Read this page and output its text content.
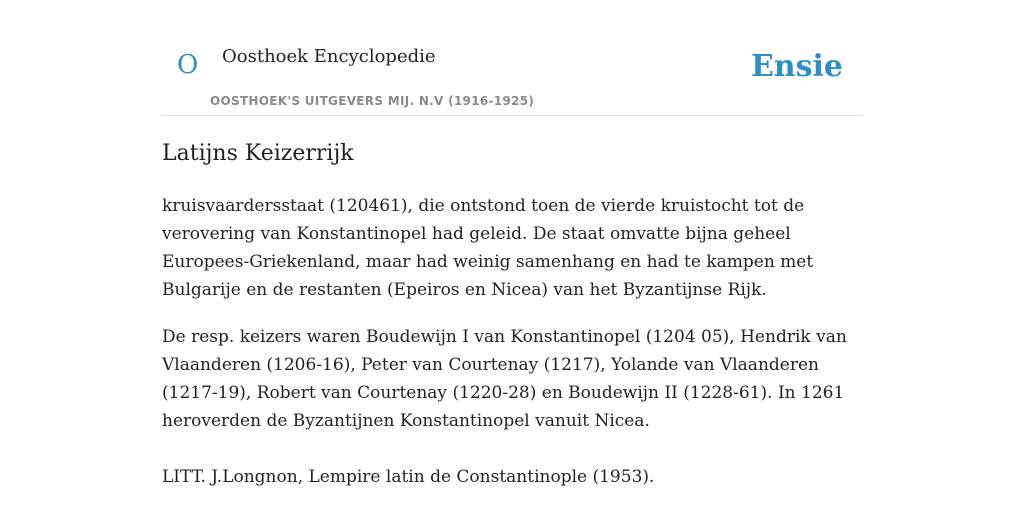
O Oosthoek Encyclopedie
OOSTHOEK'S UITGEVERS MIJ. N.V (1916-1925)
Ensie
Latijns Keizerrijk

kruisvaardersstaat (120461), die ontstond toen de vierde kruistocht tot de
verovering van Konstantinopel had geleid. De staat omvatte bijna geheel
Europees-Griekenland, maar had weinig samenhang en had te kampen met
Bulgarije en de restanten (Epeiros en Nicea) van het Byzantijnse Rijk.

De resp. keizers waren Boudewijn I van Konstantinopel (1204 05), Hendrik van
Vlaanderen (1206-16), Peter van Courtenay (1217), Yolande van Vlaanderen
(1217-19), Robert van Courtenay (1220-28) en Boudewijn II (1228-61). In 1261
heroverden de Byzantijnen Konstantinopel vanuit Nicea.

LITT. J.Longnon, Lempire latin de Constantinople (1953).
